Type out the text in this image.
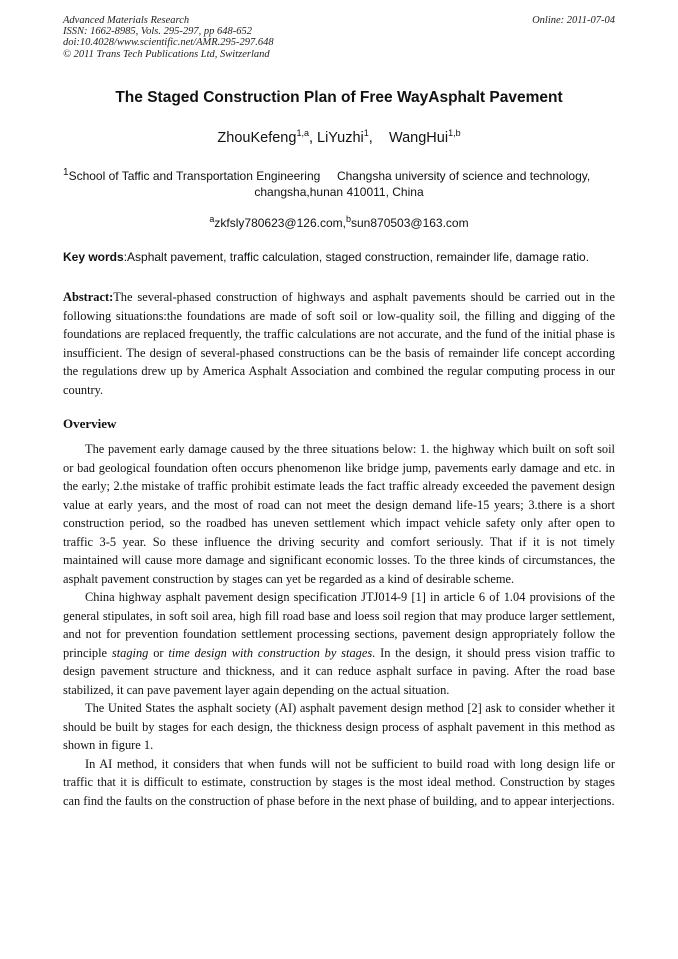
Advanced Materials Research
ISSN: 1662-8985, Vols. 295-297, pp 648-652
doi:10.4028/www.scientific.net/AMR.295-297.648
© 2011 Trans Tech Publications Ltd, Switzerland
Online: 2011-07-04
The Staged Construction Plan of Free WayAsphalt Pavement
ZhouKefeng$^{1,a}$, LiYuzhi$^1$,    WangHui$^{1,b}$
$^1$School of Taffic and Transportation Engineering     Changsha university of science and technology,
changsha,hunan 410011, China
$^a$zkfsly780623@126.com,$^b$sun870503@163.com
Key words:Asphalt pavement, traffic calculation, staged construction, remainder life, damage ratio.
Abstract:The several-phased construction of highways and asphalt pavements should be carried out in the following situations:the foundations are made of soft soil or low-quality soil, the filling and digging of the foundations are replaced frequently, the traffic calculations are not accurate, and the fund of the initial phase is insufficient. The design of several-phased constructions can be the basis of remainder life concept according the regulations drew up by America Asphalt Association and combined the regular computing process in our country.
Overview

The pavement early damage caused by the three situations below: 1. the highway which built on soft soil or bad geological foundation often occurs phenomenon like bridge jump, pavements early damage and etc. in the early; 2.the mistake of traffic prohibit estimate leads the fact traffic already exceeded the pavement design value at early years, and the most of road can not meet the design demand life-15 years; 3.there is a short construction period, so the roadbed has uneven settlement which impact vehicle safety only after open to traffic 3-5 year. So these influence the driving security and comfort seriously. That if it is not timely maintained will cause more damage and significant economic losses. To the three kinds of circumstances, the asphalt pavement construction by stages can yet be regarded as a kind of desirable scheme.

China highway asphalt pavement design specification JTJ014-9 [1] in article 6 of 1.04 provisions of the general stipulates, in soft soil area, high fill road base and loess soil region that may produce larger settlement, and not for prevention foundation settlement processing sections, pavement design appropriately follow the principle staging or time design with construction by stages. In the design, it should press vision traffic to design pavement structure and thickness, and it can reduce asphalt surface in paving. After the road base stabilized, it can pave pavement layer again depending on the actual situation.

The United States the asphalt society (AI) asphalt pavement design method [2] ask to consider whether it should be built by stages for each design, the thickness design process of asphalt pavement in this method as shown in figure 1.

In AI method, it considers that when funds will not be sufficient to build road with long design life or traffic that it is difficult to estimate, construction by stages is the most ideal method. Construction by stages can find the faults on the construction of phase before in the next phase of building, and to appear interjections.
